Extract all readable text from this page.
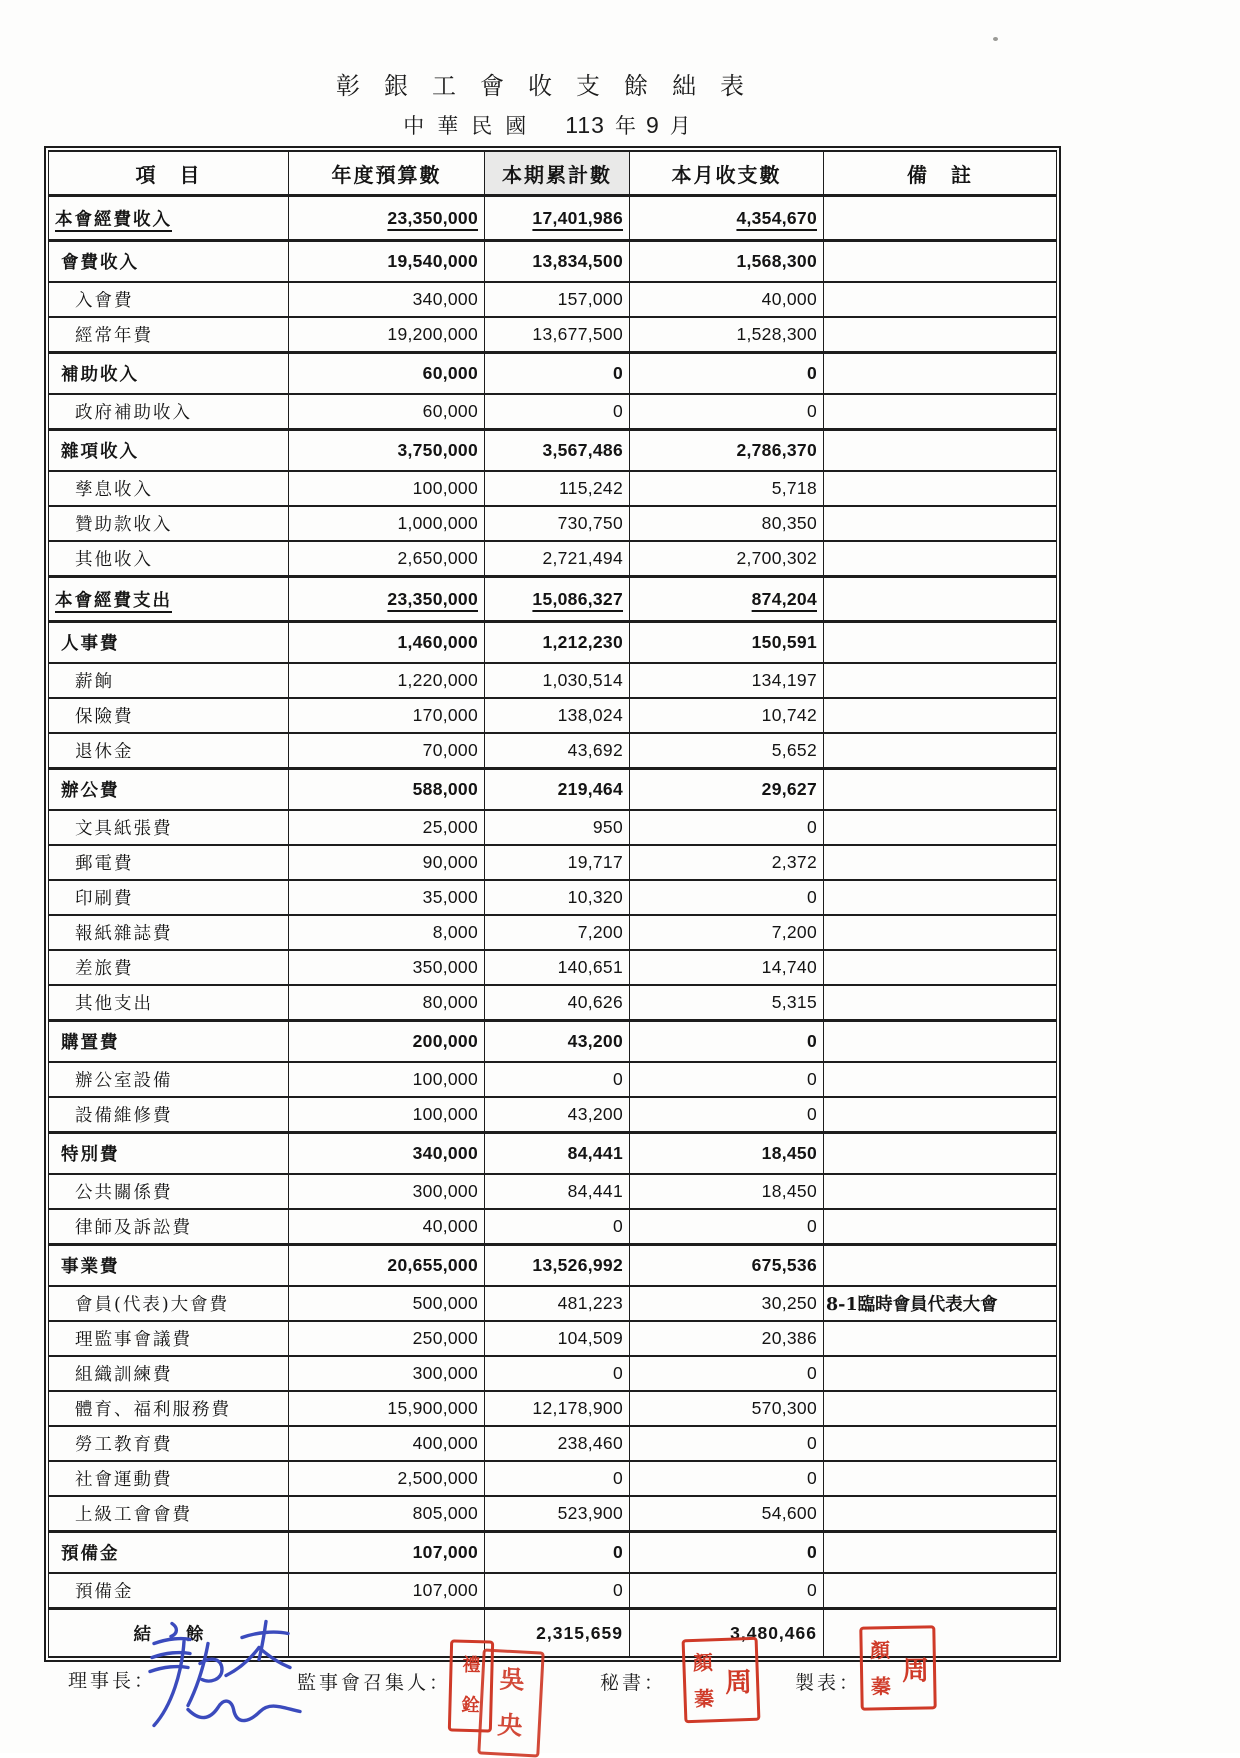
彰銀工會收支餘絀表
中華民國 113 年 9 月
項　目	年度預算數	本期累計數	本月收支數	備　註
本會經費收入	23,350,000	17,401,986	4,354,670	
會費收入	19,540,000	13,834,500	1,568,300	
入會費	340,000	157,000	40,000	
經常年費	19,200,000	13,677,500	1,528,300	
補助收入	60,000	0	0	
政府補助收入	60,000	0	0	
雜項收入	3,750,000	3,567,486	2,786,370	
孳息收入	100,000	115,242	5,718	
贊助款收入	1,000,000	730,750	80,350	
其他收入	2,650,000	2,721,494	2,700,302	
本會經費支出	23,350,000	15,086,327	874,204	
人事費	1,460,000	1,212,230	150,591	
薪餉	1,220,000	1,030,514	134,197	
保險費	170,000	138,024	10,742	
退休金	70,000	43,692	5,652	
辦公費	588,000	219,464	29,627	
文具紙張費	25,000	950	0	
郵電費	90,000	19,717	2,372	
印刷費	35,000	10,320	0	
報紙雜誌費	8,000	7,200	7,200	
差旅費	350,000	140,651	14,740	
其他支出	80,000	40,626	5,315	
購置費	200,000	43,200	0	
辦公室設備	100,000	0	0	
設備維修費	100,000	43,200	0	
特別費	340,000	84,441	18,450	
公共關係費	300,000	84,441	18,450	
律師及訴訟費	40,000	0	0	
事業費	20,655,000	13,526,992	675,536	
會員(代表)大會費	500,000	481,223	30,250	8-1臨時會員代表大會
理監事會議費	250,000	104,509	20,386	
組織訓練費	300,000	0	0	
體育、福利服務費	15,900,000	12,178,900	570,300	
勞工教育費	400,000	238,460	0	
社會運動費	2,500,000	0	0	
上級工會會費	805,000	523,900	54,600	
預備金	107,000	0	0	
預備金	107,000	0	0	
結　　餘		2,315,659	3,480,466	
理事長：	監事會召集人：	秘書：	製表：
禮
銓
吳
央
顏
蓁
周
顏
蓁 周
